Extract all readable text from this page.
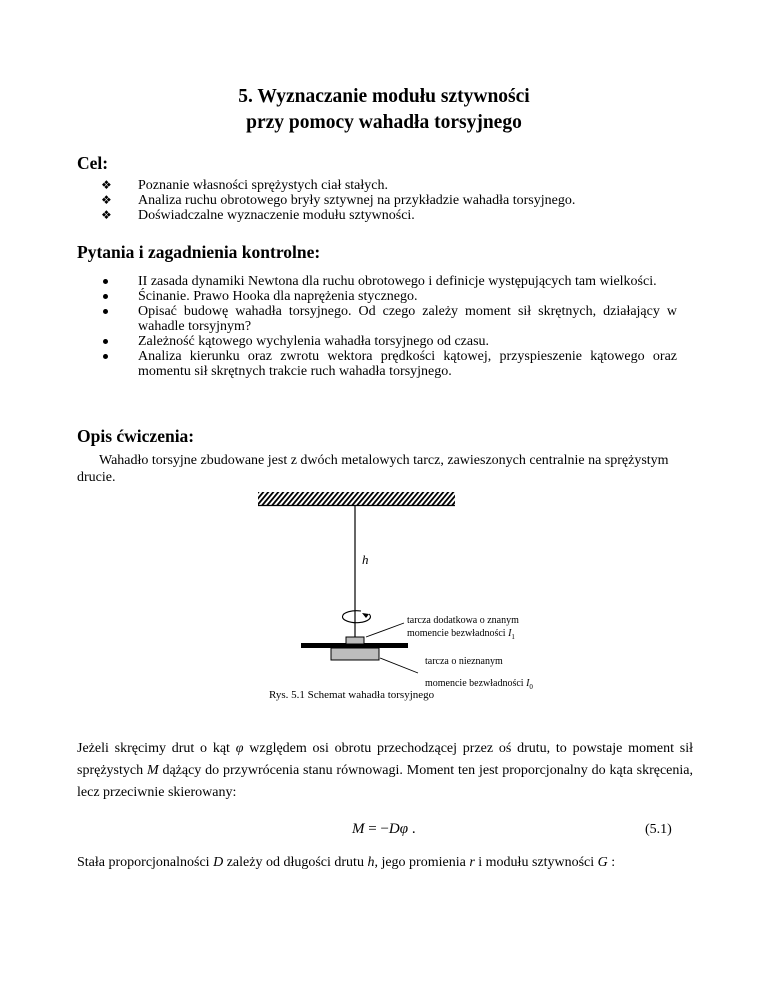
5. Wyznaczanie modułu sztywności
przy pomocy wahadła torsyjnego
Cel:
❖ Poznanie własności sprężystych ciał stałych.
❖ Analiza ruchu obrotowego bryły sztywnej na przykładzie wahadła torsyjnego.
❖ Doświadczalne wyznaczenie modułu sztywności.
Pytania i zagadnienia kontrolne:
II zasada dynamiki Newtona dla ruchu obrotowego i definicje występujących tam wielkości.
Ścinanie. Prawo Hooka dla naprężenia stycznego.
Opisać budowę wahadła torsyjnego. Od czego zależy moment sił skrętnych, działający w wahadle torsyjnym?
Zależność kątowego wychylenia wahadła torsyjnego od czasu.
Analiza kierunku oraz zwrotu wektora prędkości kątowej, przyspieszenie kątowego oraz momentu sił skrętnych trakcie ruch wahadła torsyjnego.
Opis ćwiczenia:

Wahadło torsyjne zbudowane jest z dwóch metalowych tarcz, zawieszonych centralnie na sprężystym drucie.

h
tarcza dodatkowa o znanym
momencie bezwładności $I_1$
tarcza o nieznanym
momencie bezwładności $I_0$
Rys. 5.1 Schemat wahadła torsyjnego

Jeżeli skręcimy drut o kąt φ względem osi obrotu przechodzącej przez oś drutu, to powstaje moment sił sprężystych M dążący do przywrócenia stanu równowagi. Moment ten jest proporcjonalny do kąta skręcenia, lecz przeciwnie skierowany:

M = −Dφ .	(5.1)

Stała proporcjonalności D zależy od długości drutu h, jego promienia r i modułu sztywności G :
